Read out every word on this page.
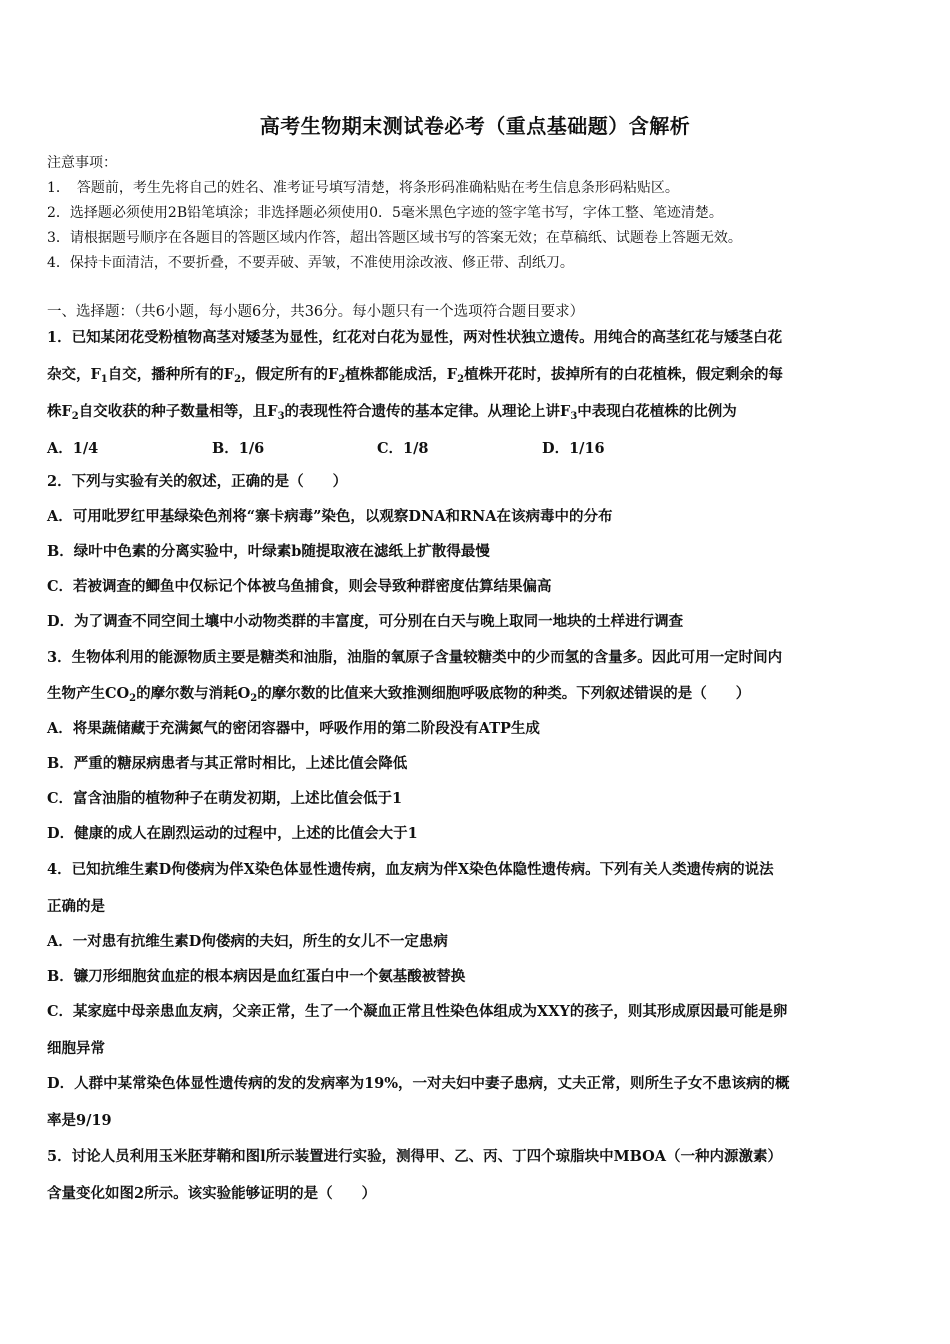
高考生物期末测试卷必考（重点基础题）含解析
注意事项：
1．　答题前，考生先将自己的姓名、准考证号填写清楚，将条形码准确粘贴在考生信息条形码粘贴区。
2．选择题必须使用2B铅笔填涂；非选择题必须使用0．5毫米黑色字迹的签字笔书写，字体工整、笔迹清楚。
3．请根据题号顺序在各题目的答题区域内作答，超出答题区域书写的答案无效；在草稿纸、试题卷上答题无效。
4．保持卡面清洁，不要折叠，不要弄破、弄皱，不准使用涂改液、修正带、刮纸刀。
一、选择题：（共6小题，每小题6分，共36分。每小题只有一个选项符合题目要求）
1．已知某闭花受粉植物高茎对矮茎为显性，红花对白花为显性，两对性状独立遗传。用纯合的高茎红花与矮茎白花
杂交，$F_1$自交，播种所有的$F_2$，假定所有的$F_2$植株都能成活，$F_2$植株开花时，拔掉所有的白花植株，假定剩余的每
株$F_2$自交收获的种子数量相等，且$F_3$的表现性符合遗传的基本定律。从理论上讲$F_3$中表现白花植株的比例为
A．1/4	B．1/6	C．1/8	D．1/16
2．下列与实验有关的叙述，正确的是（　　）
A．可用吡罗红甲基绿染色剂将“寨卡病毒”染色，以观察DNA和RNA在该病毒中的分布
B．绿叶中色素的分离实验中，叶绿素b随提取液在滤纸上扩散得最慢
C．若被调查的鲫鱼中仅标记个体被乌鱼捕食，则会导致种群密度估算结果偏高
D．为了调查不同空间土壤中小动物类群的丰富度，可分别在白天与晚上取同一地块的土样进行调查
3．生物体利用的能源物质主要是糖类和油脂，油脂的氧原子含量较糖类中的少而氢的含量多。因此可用一定时间内
生物产生$CO_2$的摩尔数与消耗$O_2$的摩尔数的比值来大致推测细胞呼吸底物的种类。下列叙述错误的是（　　）
A．将果蔬储藏于充满氮气的密闭容器中，呼吸作用的第二阶段没有ATP生成
B．严重的糖尿病患者与其正常时相比，上述比值会降低
C．富含油脂的植物种子在萌发初期，上述比值会低于1
D．健康的成人在剧烈运动的过程中，上述的比值会大于1
4．已知抗维生素D佝偻病为伴X染色体显性遗传病，血友病为伴X染色体隐性遗传病。下列有关人类遗传病的说法
正确的是
A．一对患有抗维生素D佝偻病的夫妇，所生的女儿不一定患病
B．镰刀形细胞贫血症的根本病因是血红蛋白中一个氨基酸被替换
C．某家庭中母亲患血友病，父亲正常，生了一个凝血正常且性染色体组成为XXY的孩子，则其形成原因最可能是卵
细胞异常
D．人群中某常染色体显性遗传病的发的发病率为19%，一对夫妇中妻子患病，丈夫正常，则所生子女不患该病的概
率是9/19
5．讨论人员利用玉米胚芽鞘和图l所示装置进行实验，测得甲、乙、丙、丁四个琼脂块中MBOA（一种内源激素）
含量变化如图2所示。该实验能够证明的是（　　）
